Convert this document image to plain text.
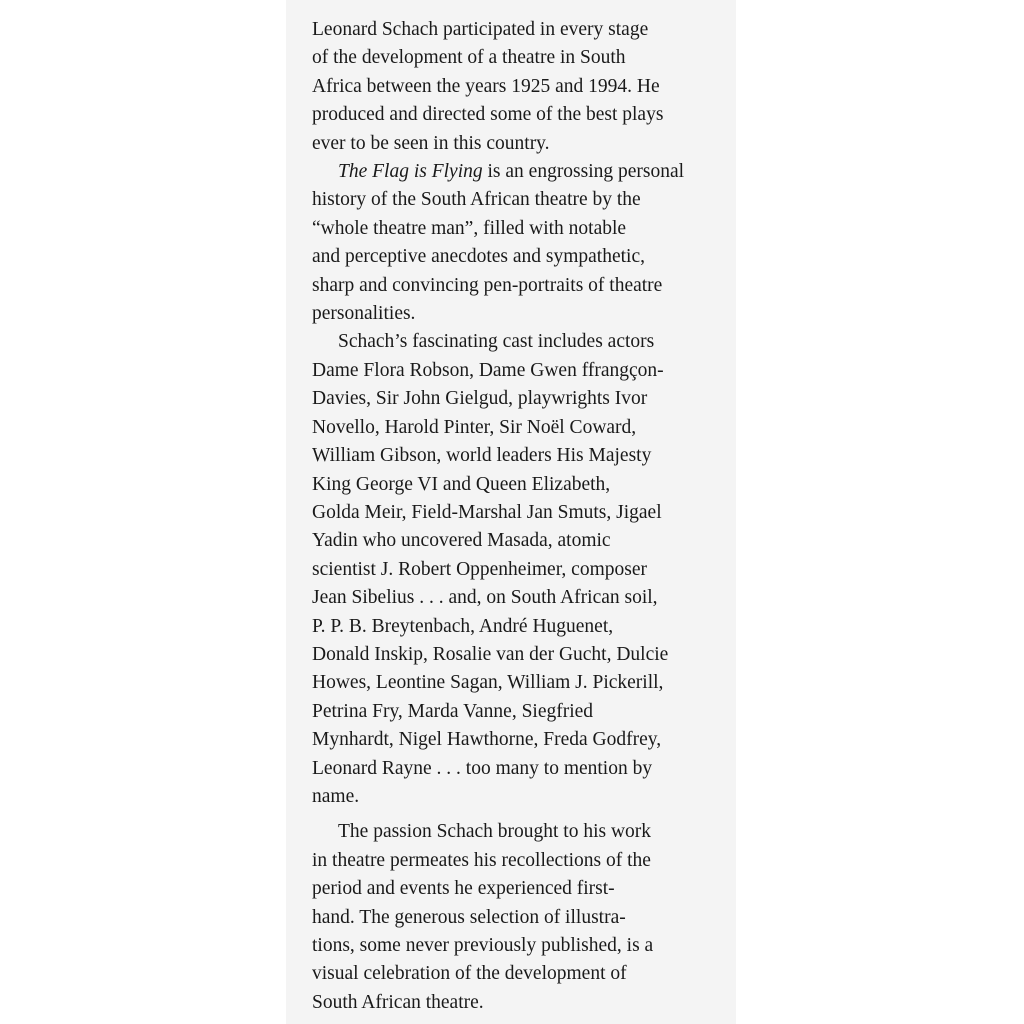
Leonard Schach participated in every stage
of the development of a theatre in South
Africa between the years 1925 and 1994. He
produced and directed some of the best plays
ever to be seen in this country.

The Flag is Flying is an engrossing personal
history of the South African theatre by the
“whole theatre man”, filled with notable
and perceptive anecdotes and sympathetic,
sharp and convincing pen-portraits of theatre
personalities.

Schach’s fascinating cast includes actors
Dame Flora Robson, Dame Gwen ffrangçon-
Davies, Sir John Gielgud, playwrights Ivor
Novello, Harold Pinter, Sir Noël Coward,
William Gibson, world leaders His Majesty
King George VI and Queen Elizabeth,
Golda Meir, Field-Marshal Jan Smuts, Jigael
Yadin who uncovered Masada, atomic
scientist J. Robert Oppenheimer, composer
Jean Sibelius . . . and, on South African soil,
P. P. B. Breytenbach, André Huguenet,
Donald Inskip, Rosalie van der Gucht, Dulcie
Howes, Leontine Sagan, William J. Pickerill,
Petrina Fry, Marda Vanne, Siegfried
Mynhardt, Nigel Hawthorne, Freda Godfrey,
Leonard Rayne . . . too many to mention by
name.

The passion Schach brought to his work
in theatre permeates his recollections of the
period and events he experienced first-
hand. The generous selection of illustra-
tions, some never previously published, is a
visual celebration of the development of
South African theatre.
